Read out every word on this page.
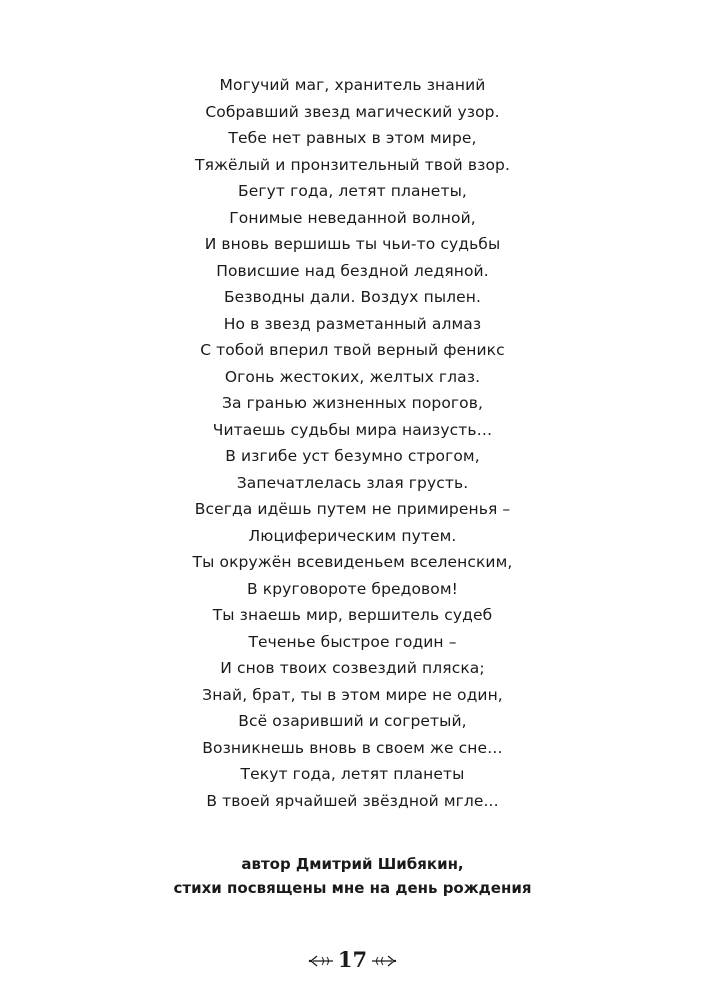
Могучий маг, хранитель знаний
Собравший звезд магический узор.
Тебе нет равных в этом мире,
Тяжёлый и пронзительный твой взор.
Бегут года, летят планеты,
Гонимые неведанной волной,
И вновь вершишь ты чьи-то судьбы
Повисшие над бездной ледяной.
Безводны дали. Воздух пылен.
Но в звезд разметанный алмаз
С тобой вперил твой верный феникс
Огонь жестоких, желтых глаз.
За гранью жизненных порогов,
Читаешь судьбы мира наизусть…
В изгибе уст безумно строгом,
Запечатлелась злая грусть.
Всегда идёшь путем не примиренья –
Люциферическим путем.
Ты окружён всевиденьем вселенским,
В круговороте бредовом!
Ты знаешь мир, вершитель судеб
Теченье быстрое годин –
И снов твоих созвездий пляска;
Знай, брат, ты в этом мире не один,
Всё озаривший и согретый,
Возникнешь вновь в своем же сне…
Текут года, летят планеты
В твоей ярчайшей звёздной мгле...
автор Дмитрий Шибякин,
стихи посвящены мне на день рождения
17
